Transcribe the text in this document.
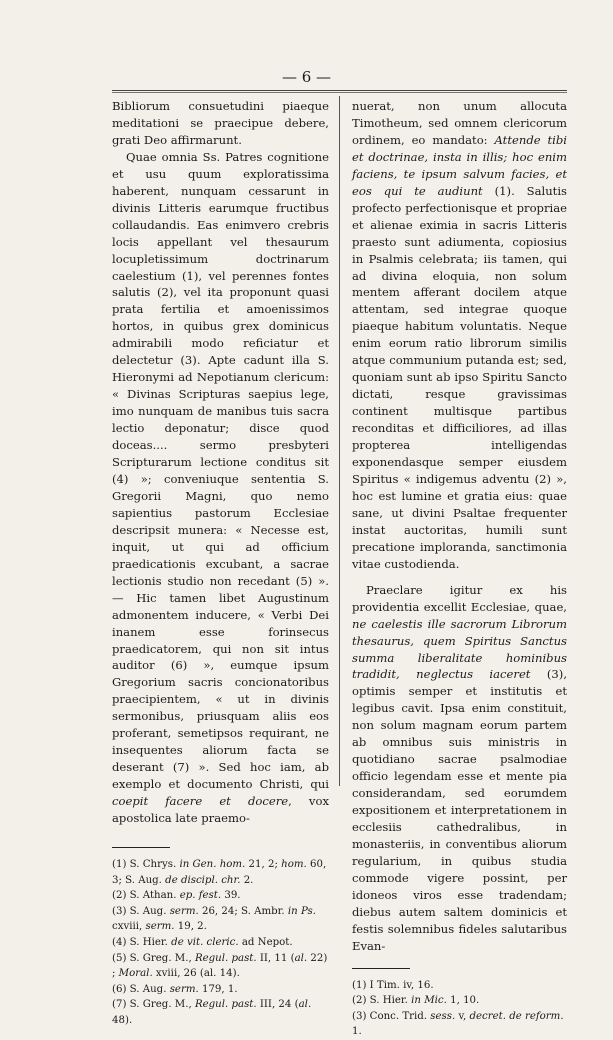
— 6 —

Bibliorum consuetudini piaeque meditationi se praecipue debere, grati Deo affirmarunt.

Quae omnia Ss. Patres cognitione et usu quum exploratissima haberent, nunquam cessarunt in divinis Litteris earumque fructibus collaudandis. Eas enimvero crebris locis appellant vel thesaurum locupletissimum doctrinarum caelestium (1), vel perennes fontes salutis (2), vel ita proponunt quasi prata fertilia et amoenissimos hortos, in quibus grex dominicus admirabili modo reficiatur et delectetur (3). Apte cadunt illa S. Hieronymi ad Nepotianum clericum: « Divinas Scripturas saepius lege, imo nunquam de manibus tuis sacra lectio deponatur; disce quod doceas.... sermo presbyteri Scripturarum lectione conditus sit (4) »; conveniuque sententia S. Gregorii Magni, quo nemo sapientius pastorum Ecclesiae descripsit munera: « Necesse est, inquit, ut qui ad officium praedicationis excubant, a sacrae lectionis studio non recedant (5) ». — Hic tamen libet Augustinum admonentem inducere, « Verbi Dei inanem esse forinsecus praedicatorem, qui non sit intus auditor (6) », eumque ipsum Gregorium sacris concionatoribus praecipientem, « ut in divinis sermonibus, priusquam aliis eos proferant, semetipsos requirant, ne insequentes aliorum facta se deserant (7) ». Sed hoc iam, ab exemplo et documento Christi, qui coepit facere et docere, vox apostolica late praemo-

(1) S. Chrys. in Gen. hom. 21, 2; hom. 60, 3; S. Aug. de discipl. chr. 2.
(2) S. Athan. ep. fest. 39.
(3) S. Aug. serm. 26, 24; S. Ambr. in Ps. cxviii, serm. 19, 2.
(4) S. Hier. de vit. cleric. ad Nepot.
(5) S. Greg. M., Regul. past. II, 11 (al. 22) ; Moral. xviii, 26 (al. 14).
(6) S. Aug. serm. 179, 1.
(7) S. Greg. M., Regul. past. III, 24 (al. 48).

nuerat, non unum allocuta Timotheum, sed omnem clericorum ordinem, eo mandato: Attende tibi et doctrinae, insta in illis; hoc enim faciens, te ipsum salvum facies, et eos qui te audiunt (1). Salutis profecto perfectionisque et propriae et alienae eximia in sacris Litteris praesto sunt adiumenta, copiosius in Psalmis celebrata; iis tamen, qui ad divina eloquia, non solum mentem afferant docilem atque attentam, sed integrae quoque piaeque habitum voluntatis. Neque enim eorum ratio librorum similis atque communium putanda est; sed, quoniam sunt ab ipso Spiritu Sancto dictati, resque gravissimas continent multisque partibus reconditas et difficiliores, ad illas propterea intelligendas exponendasque semper eiusdem Spiritus « indigemus adventu (2) », hoc est lumine et gratia eius: quae sane, ut divini Psaltae frequenter instat auctoritas, humili sunt precatione imploranda, sanctimonia vitae custodienda.

Praeclare igitur ex his providentia excellit Ecclesiae, quae, ne caelestis ille sacrorum Librorum thesaurus, quem Spiritus Sanctus summa liberalitate hominibus tradidit, neglectus iaceret (3), optimis semper et institutis et legibus cavit. Ipsa enim constituit, non solum magnam eorum partem ab omnibus suis ministris in quotidiano sacrae psalmodiae officio legendam esse et mente pia considerandam, sed eorumdem expositionem et interpretationem in ecclesiis cathedralibus, in monasteriis, in conventibus aliorum regularium, in quibus studia commode vigere possint, per idoneos viros esse tradendam; diebus autem saltem dominicis et festis solemnibus fideles salutaribus Evan-

(1) I Tim. iv, 16.
(2) S. Hier. in Mic. 1, 10.
(3) Conc. Trid. sess. v, decret. de reform. 1.
